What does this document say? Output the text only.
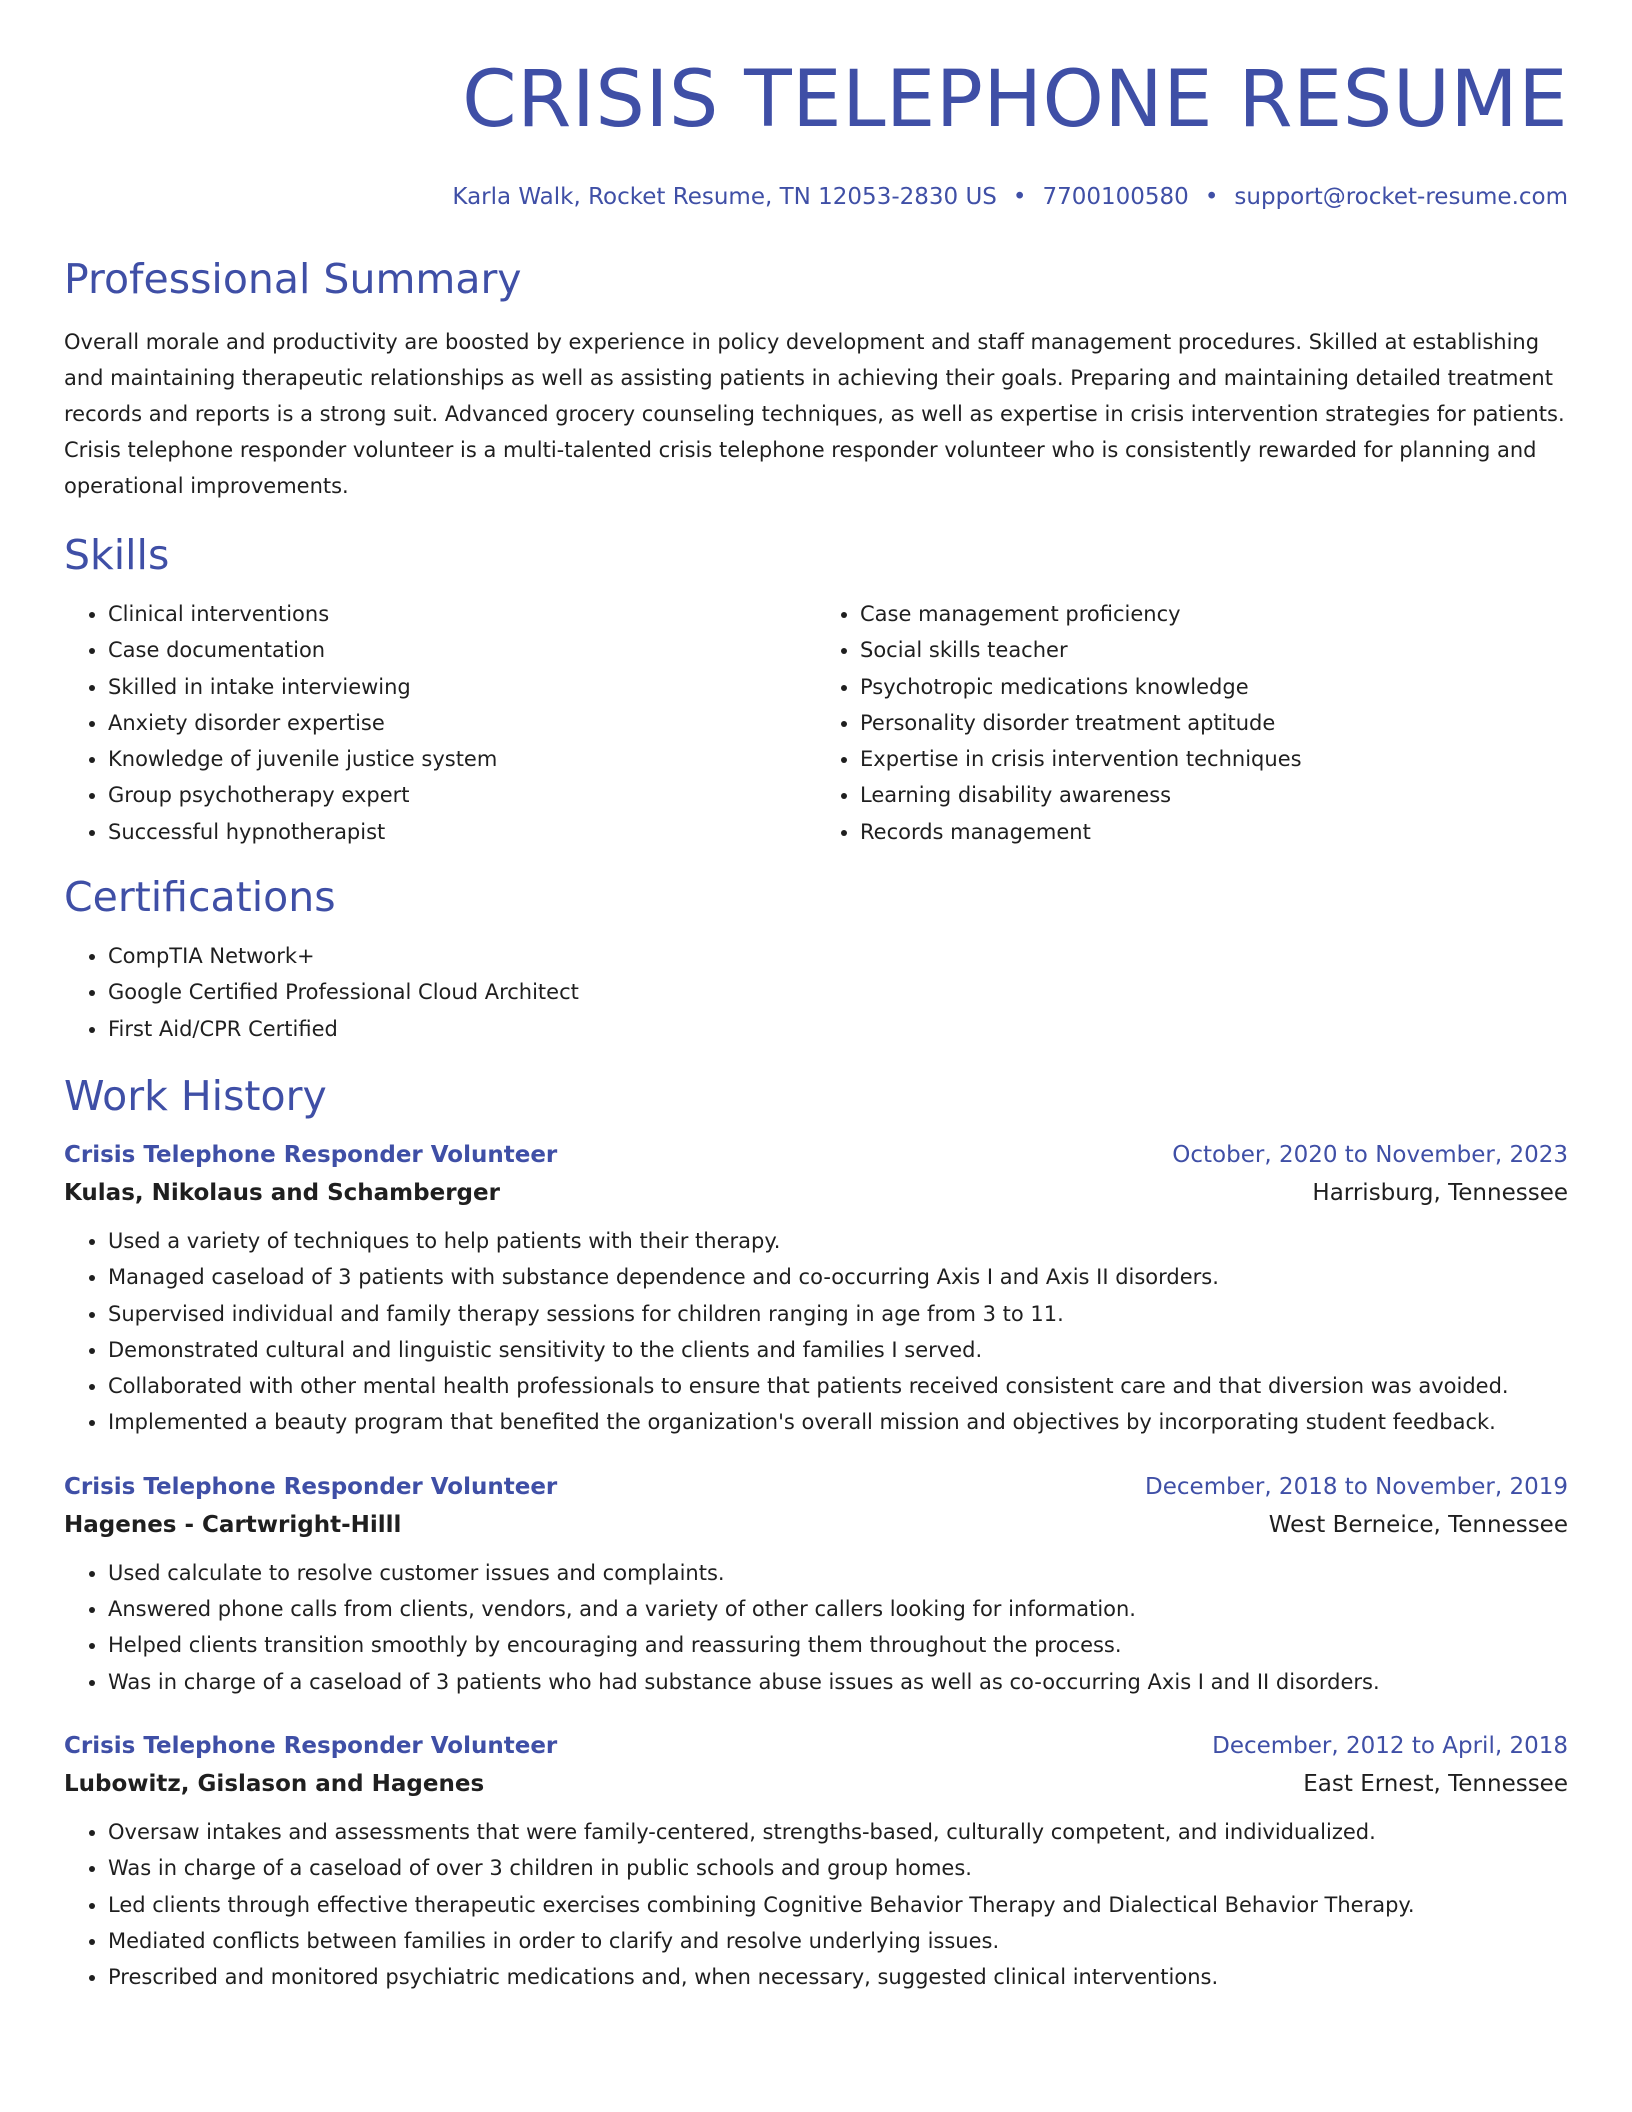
CRISIS TELEPHONE RESUME
Karla Walk, Rocket Resume, TN 12053-2830 US • 7700100580 • support@rocket-resume.com
Professional Summary

Overall morale and productivity are boosted by experience in policy development and staff management procedures. Skilled at establishing and maintaining therapeutic relationships as well as assisting patients in achieving their goals. Preparing and maintaining detailed treatment records and reports is a strong suit. Advanced grocery counseling techniques, as well as expertise in crisis intervention strategies for patients. Crisis telephone responder volunteer is a multi-talented crisis telephone responder volunteer who is consistently rewarded for planning and operational improvements.

Skills
• Clinical interventions
• Case documentation
• Skilled in intake interviewing
• Anxiety disorder expertise
• Knowledge of juvenile justice system
• Group psychotherapy expert
• Successful hypnotherapist
• Case management proficiency
• Social skills teacher
• Psychotropic medications knowledge
• Personality disorder treatment aptitude
• Expertise in crisis intervention techniques
• Learning disability awareness
• Records management
Certifications
• CompTIA Network+
• Google Certified Professional Cloud Architect
• First Aid/CPR Certified
Work History
Crisis Telephone Responder Volunteer	October, 2020 to November, 2023
Kulas, Nikolaus and Schamberger	Harrisburg, Tennessee
• Used a variety of techniques to help patients with their therapy.
• Managed caseload of 3 patients with substance dependence and co-occurring Axis I and Axis II disorders.
• Supervised individual and family therapy sessions for children ranging in age from 3 to 11.
• Demonstrated cultural and linguistic sensitivity to the clients and families I served.
• Collaborated with other mental health professionals to ensure that patients received consistent care and that diversion was avoided.
• Implemented a beauty program that benefited the organization's overall mission and objectives by incorporating student feedback.
Crisis Telephone Responder Volunteer	December, 2018 to November, 2019
Hagenes - Cartwright-Hilll	West Berneice, Tennessee
• Used calculate to resolve customer issues and complaints.
• Answered phone calls from clients, vendors, and a variety of other callers looking for information.
• Helped clients transition smoothly by encouraging and reassuring them throughout the process.
• Was in charge of a caseload of 3 patients who had substance abuse issues as well as co-occurring Axis I and II disorders.
Crisis Telephone Responder Volunteer	December, 2012 to April, 2018
Lubowitz, Gislason and Hagenes	East Ernest, Tennessee
• Oversaw intakes and assessments that were family-centered, strengths-based, culturally competent, and individualized.
• Was in charge of a caseload of over 3 children in public schools and group homes.
• Led clients through effective therapeutic exercises combining Cognitive Behavior Therapy and Dialectical Behavior Therapy.
• Mediated conflicts between families in order to clarify and resolve underlying issues.
• Prescribed and monitored psychiatric medications and, when necessary, suggested clinical interventions.
